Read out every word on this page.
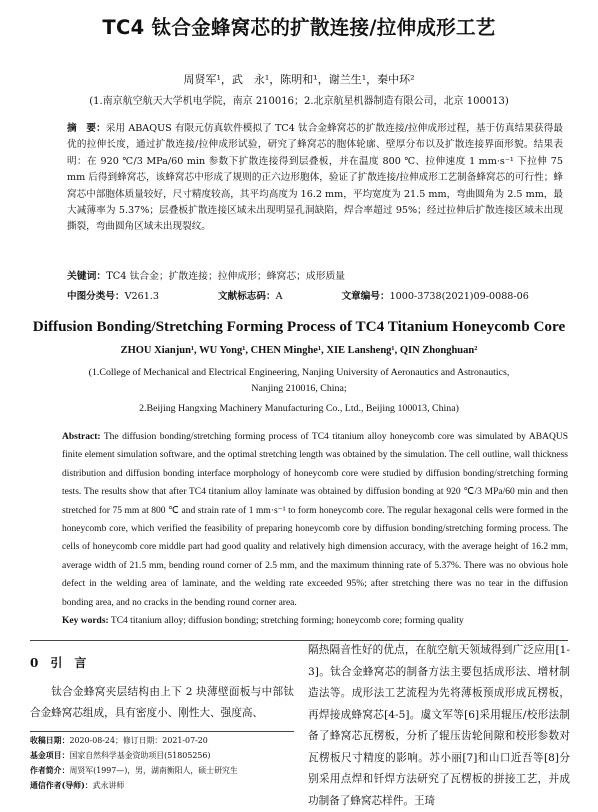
TC4 钛合金蜂窝芯的扩散连接/拉伸成形工艺
周贤军¹，武　永¹，陈明和¹，谢兰生¹，秦中环²
(1.南京航空航天大学机电学院，南京 210016；2.北京航星机器制造有限公司，北京 100013)
摘　要：采用 ABAQUS 有限元仿真软件模拟了 TC4 钛合金蜂窝芯的扩散连接/拉伸成形过程，基于仿真结果获得最优的拉伸长度，通过扩散连接/拉伸成形试验，研究了蜂窝芯的胞体轮廓、壁厚分布以及扩散连接界面形貌。结果表明：在 920 ℃/3 MPa/60 min 参数下扩散连接得到层叠板，并在温度 800 ℃、拉伸速度 1 mm·s⁻¹ 下拉伸 75 mm 后得到蜂窝芯，该蜂窝芯中形成了规则的正六边形胞体，验证了扩散连接/拉伸成形工艺制备蜂窝芯的可行性；蜂窝芯中部胞体质量较好，尺寸精度较高，其平均高度为 16.2 mm，平均宽度为 21.5 mm，弯曲圆角为 2.5 mm，最大减薄率为 5.37%；层叠板扩散连接区域未出现明显孔洞缺陷，焊合率超过 95%；经过拉伸后扩散连接区域未出现撕裂，弯曲圆角区域未出现裂纹。
关键词：TC4 钛合金；扩散连接；拉伸成形；蜂窝芯；成形质量
中图分类号：V261.3	文献标志码：A	文章编号：1000-3738(2021)09-0088-06
Diffusion Bonding/Stretching Forming Process of TC4 Titanium Honeycomb Core
ZHOU Xianjun¹, WU Yong¹, CHEN Minghe¹, XIE Lansheng¹, QIN Zhonghuan²
(1.College of Mechanical and Electrical Engineering, Nanjing University of Aeronautics and Astronautics,
Nanjing 210016, China;
2.Beijing Hangxing Machinery Manufacturing Co., Ltd., Beijing 100013, China)
Abstract: The diffusion bonding/stretching forming process of TC4 titanium alloy honeycomb core was simulated by ABAQUS finite element simulation software, and the optimal stretching length was obtained by the simulation. The cell outline, wall thickness distribution and diffusion bonding interface morphology of honeycomb core were studied by diffusion bonding/stretching forming tests. The results show that after TC4 titanium alloy laminate was obtained by diffusion bonding at 920 ℃/3 MPa/60 min and then stretched for 75 mm at 800 ℃ and strain rate of 1 mm·s⁻¹ to form honeycomb core. The regular hexagonal cells were formed in the honeycomb core, which verified the feasibility of preparing honeycomb core by diffusion bonding/stretching forming process. The cells of honeycomb core middle part had good quality and relatively high dimension accuracy, with the average height of 16.2 mm, average width of 21.5 mm, bending round corner of 2.5 mm, and the maximum thinning rate of 5.37%. There was no obvious hole defect in the welding area of laminate, and the welding rate exceeded 95%; after stretching there was no tear in the diffusion bonding area, and no cracks in the bending round corner area.
Key words: TC4 titanium alloy; diffusion bonding; stretching forming; honeycomb core; forming quality
0　引　言
钛合金蜂窝夹层结构由上下 2 块薄壁面板与中部钛合金蜂窝芯组成，具有密度小、刚性大、强度高、
收稿日期：2020-08-24；修订日期：2021-07-20
基金项目：国家自然科学基金资助项目(51805256)
作者简介：周贤军(1997—)，男，湖南衡阳人，硕士研究生
通信作者(导师)：武永讲师
隔热隔音性好的优点，在航空航天领域得到广泛应用[1-3]。钛合金蜂窝芯的制备方法主要包括成形法、增材制造法等。成形法工艺流程为先将薄板预成形成瓦楞板，再焊接成蜂窝芯[4-5]。虞文军等[6]采用辊压/校形法制备了蜂窝芯瓦楞板，分析了辊压齿轮间隙和校形参数对瓦楞板尺寸精度的影响。苏小丽[7]和山口近吾等[8]分别采用点焊和钎焊方法研究了瓦楞板的拼接工艺，并成功制备了蜂窝芯样件。王琦
